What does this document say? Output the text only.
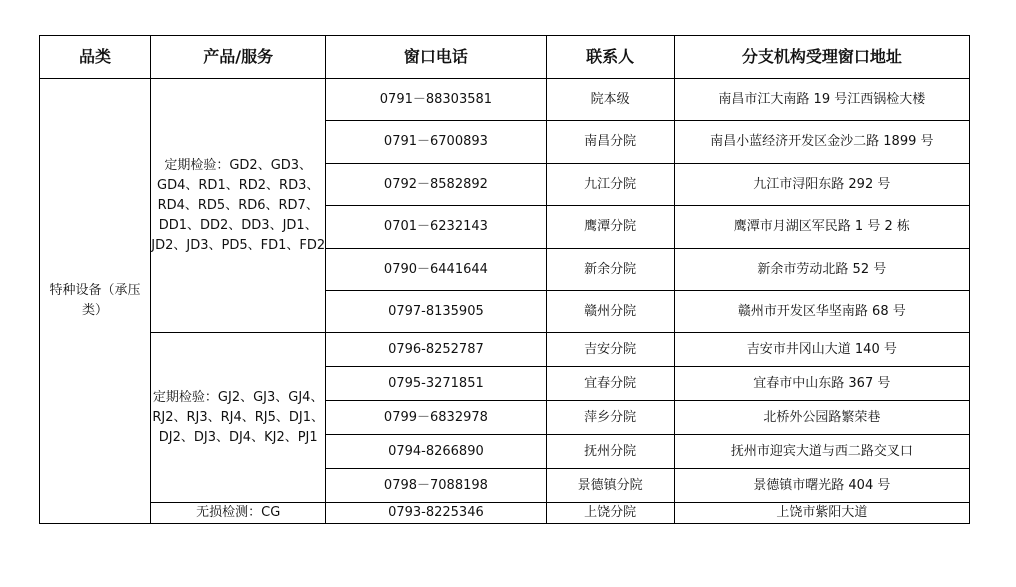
品类	产品/服务	窗口电话	联系人	分支机构受理窗口地址
特种设备（承压类）	定期检验：GD2、GD3、GD4、RD1、RD2、RD3、RD4、RD5、RD6、RD7、DD1、DD2、DD3、JD1、JD2、JD3、PD5、FD1、FD2	0791－88303581	院本级	南昌市江大南路 19 号江西锅检大楼
		0791－6700893	南昌分院	南昌小蓝经济开发区金沙二路 1899 号
		0792－8582892	九江分院	九江市浔阳东路 292 号
		0701－6232143	鹰潭分院	鹰潭市月湖区军民路 1 号 2 栋
		0790－6441644	新余分院	新余市劳动北路 52 号
		0797-8135905	赣州分院	赣州市开发区华坚南路 68 号
	定期检验：GJ2、GJ3、GJ4、RJ2、RJ3、RJ4、RJ5、DJ1、DJ2、DJ3、DJ4、KJ2、PJ1	0796-8252787	吉安分院	吉安市井冈山大道 140 号
		0795-3271851	宜春分院	宜春市中山东路 367 号
		0799－6832978	萍乡分院	北桥外公园路繁荣巷
		0794-8266890	抚州分院	抚州市迎宾大道与西二路交叉口
		0798－7088198	景德镇分院	景德镇市曙光路 404 号
	无损检测：CG	0793-8225346	上饶分院	上饶市紫阳大道
